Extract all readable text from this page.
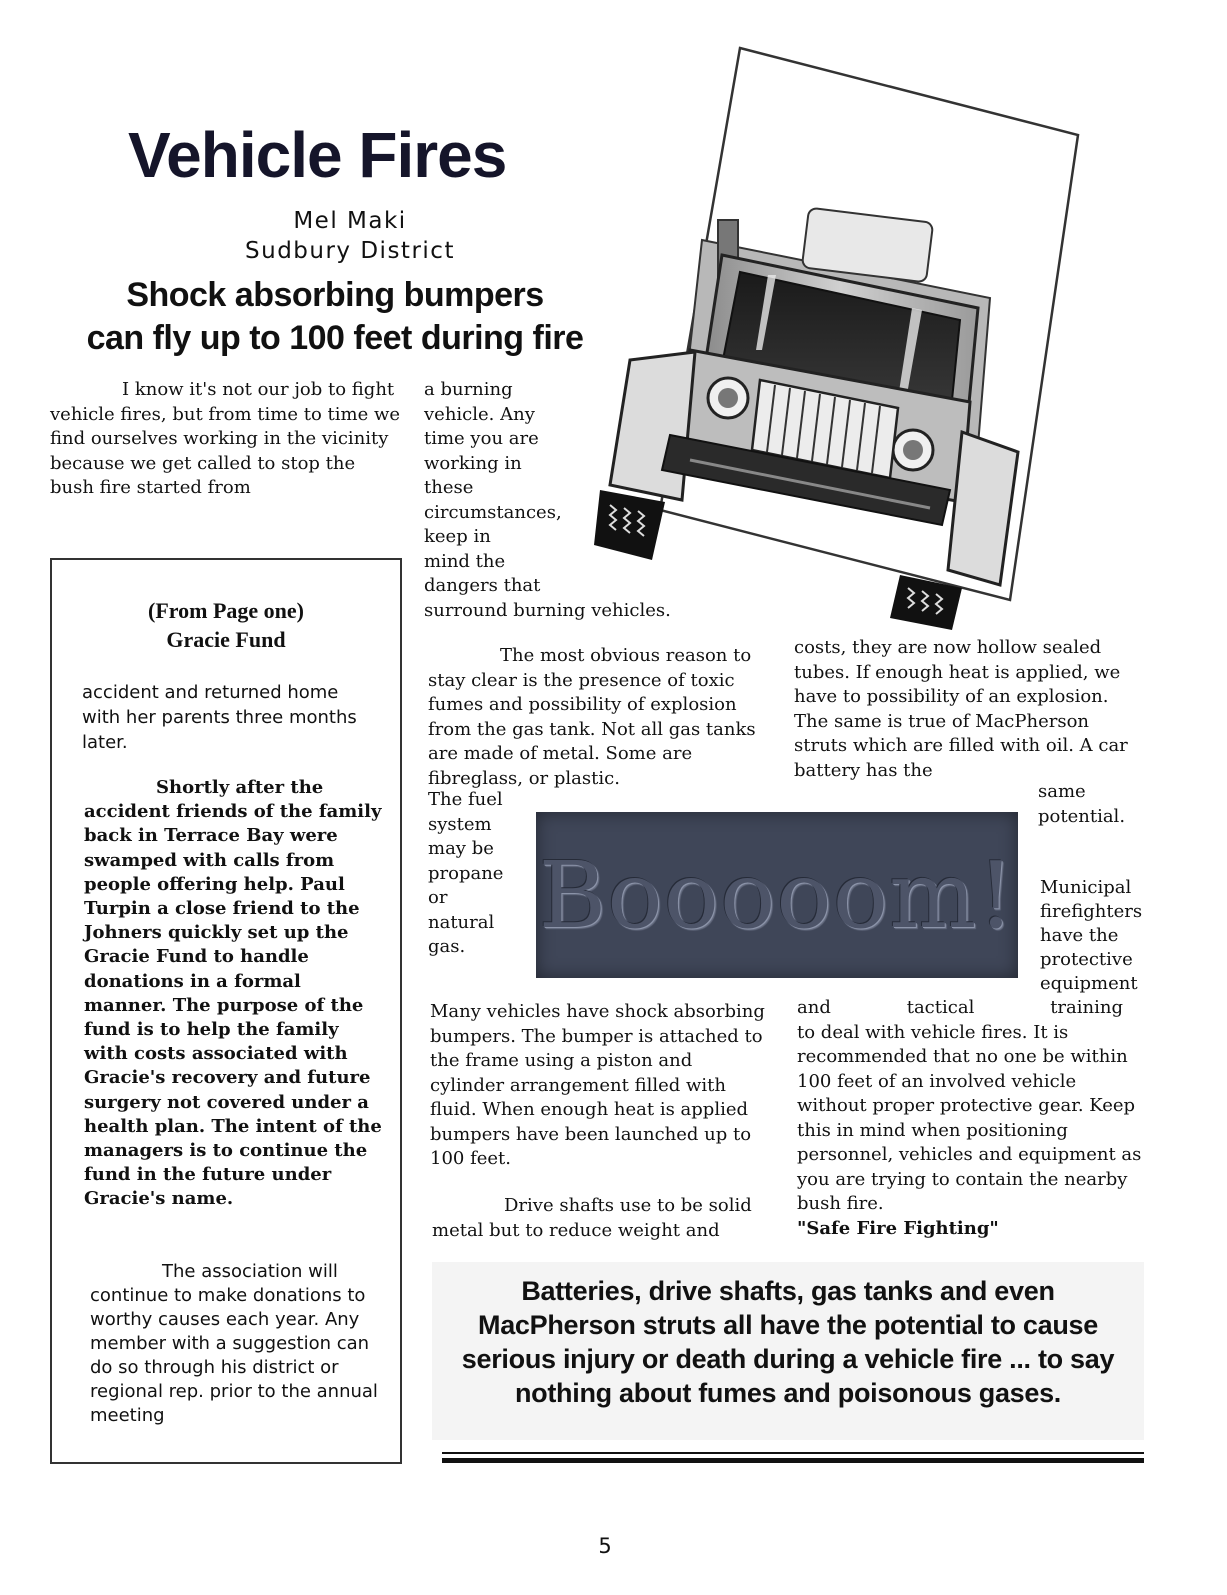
Vehicle Fires
Mel Maki
Sudbury District
Shock absorbing bumpers
can fly up to 100 feet during fire
I know it's not our job to fight vehicle fires, but from time to time we find ourselves working in the vicinity because we get called to stop the bush fire started from
a burning
vehicle. Any
time you are
working in
these
circumstances,
keep in
mind the
dangers that
surround burning vehicles.
(From Page one)
Gracie Fund
accident and returned home with her parents three months later.
Shortly after the accident friends of the family back in Terrace Bay were swamped with calls from people offering help. Paul Turpin a close friend to the Johners quickly set up the Gracie Fund to handle donations in a formal manner. The purpose of the fund is to help the family with costs associated with Gracie's recovery and future surgery not covered under a health plan. The intent of the managers is to continue the fund in the future under Gracie's name.
The association will continue to make donations to worthy causes each year. Any member with a suggestion can do so through his district or regional rep. prior to the annual meeting
The most obvious reason to stay clear is the presence of toxic fumes and possibility of explosion from the gas tank. Not all gas tanks are made of metal. Some are fibreglass, or plastic.
The fuel
system
may be
propane
or
natural
gas.
costs, they are now hollow sealed tubes. If enough heat is applied, we have to possibility of an explosion. The same is true of MacPherson struts which are filled with oil. A car battery has the
same
potential.
Booooom! Municipal
firefighters
have the
protective
equipment
Many vehicles have shock absorbing bumpers. The bumper is attached to the frame using a piston and cylinder arrangement filled with fluid. When enough heat is applied bumpers have been launched up to 100 feet.
Drive shafts use to be solid metal but to reduce weight and
and	tactical	training
to deal with vehicle fires. It is recommended that no one be within 100 feet of an involved vehicle without proper protective gear. Keep this in mind when positioning personnel, vehicles and equipment as you are trying to contain the nearby bush fire.
"Safe Fire Fighting"
Batteries, drive shafts, gas tanks and even MacPherson struts all have the potential to cause serious injury or death during a vehicle fire ... to say nothing about fumes and poisonous gases.
5
